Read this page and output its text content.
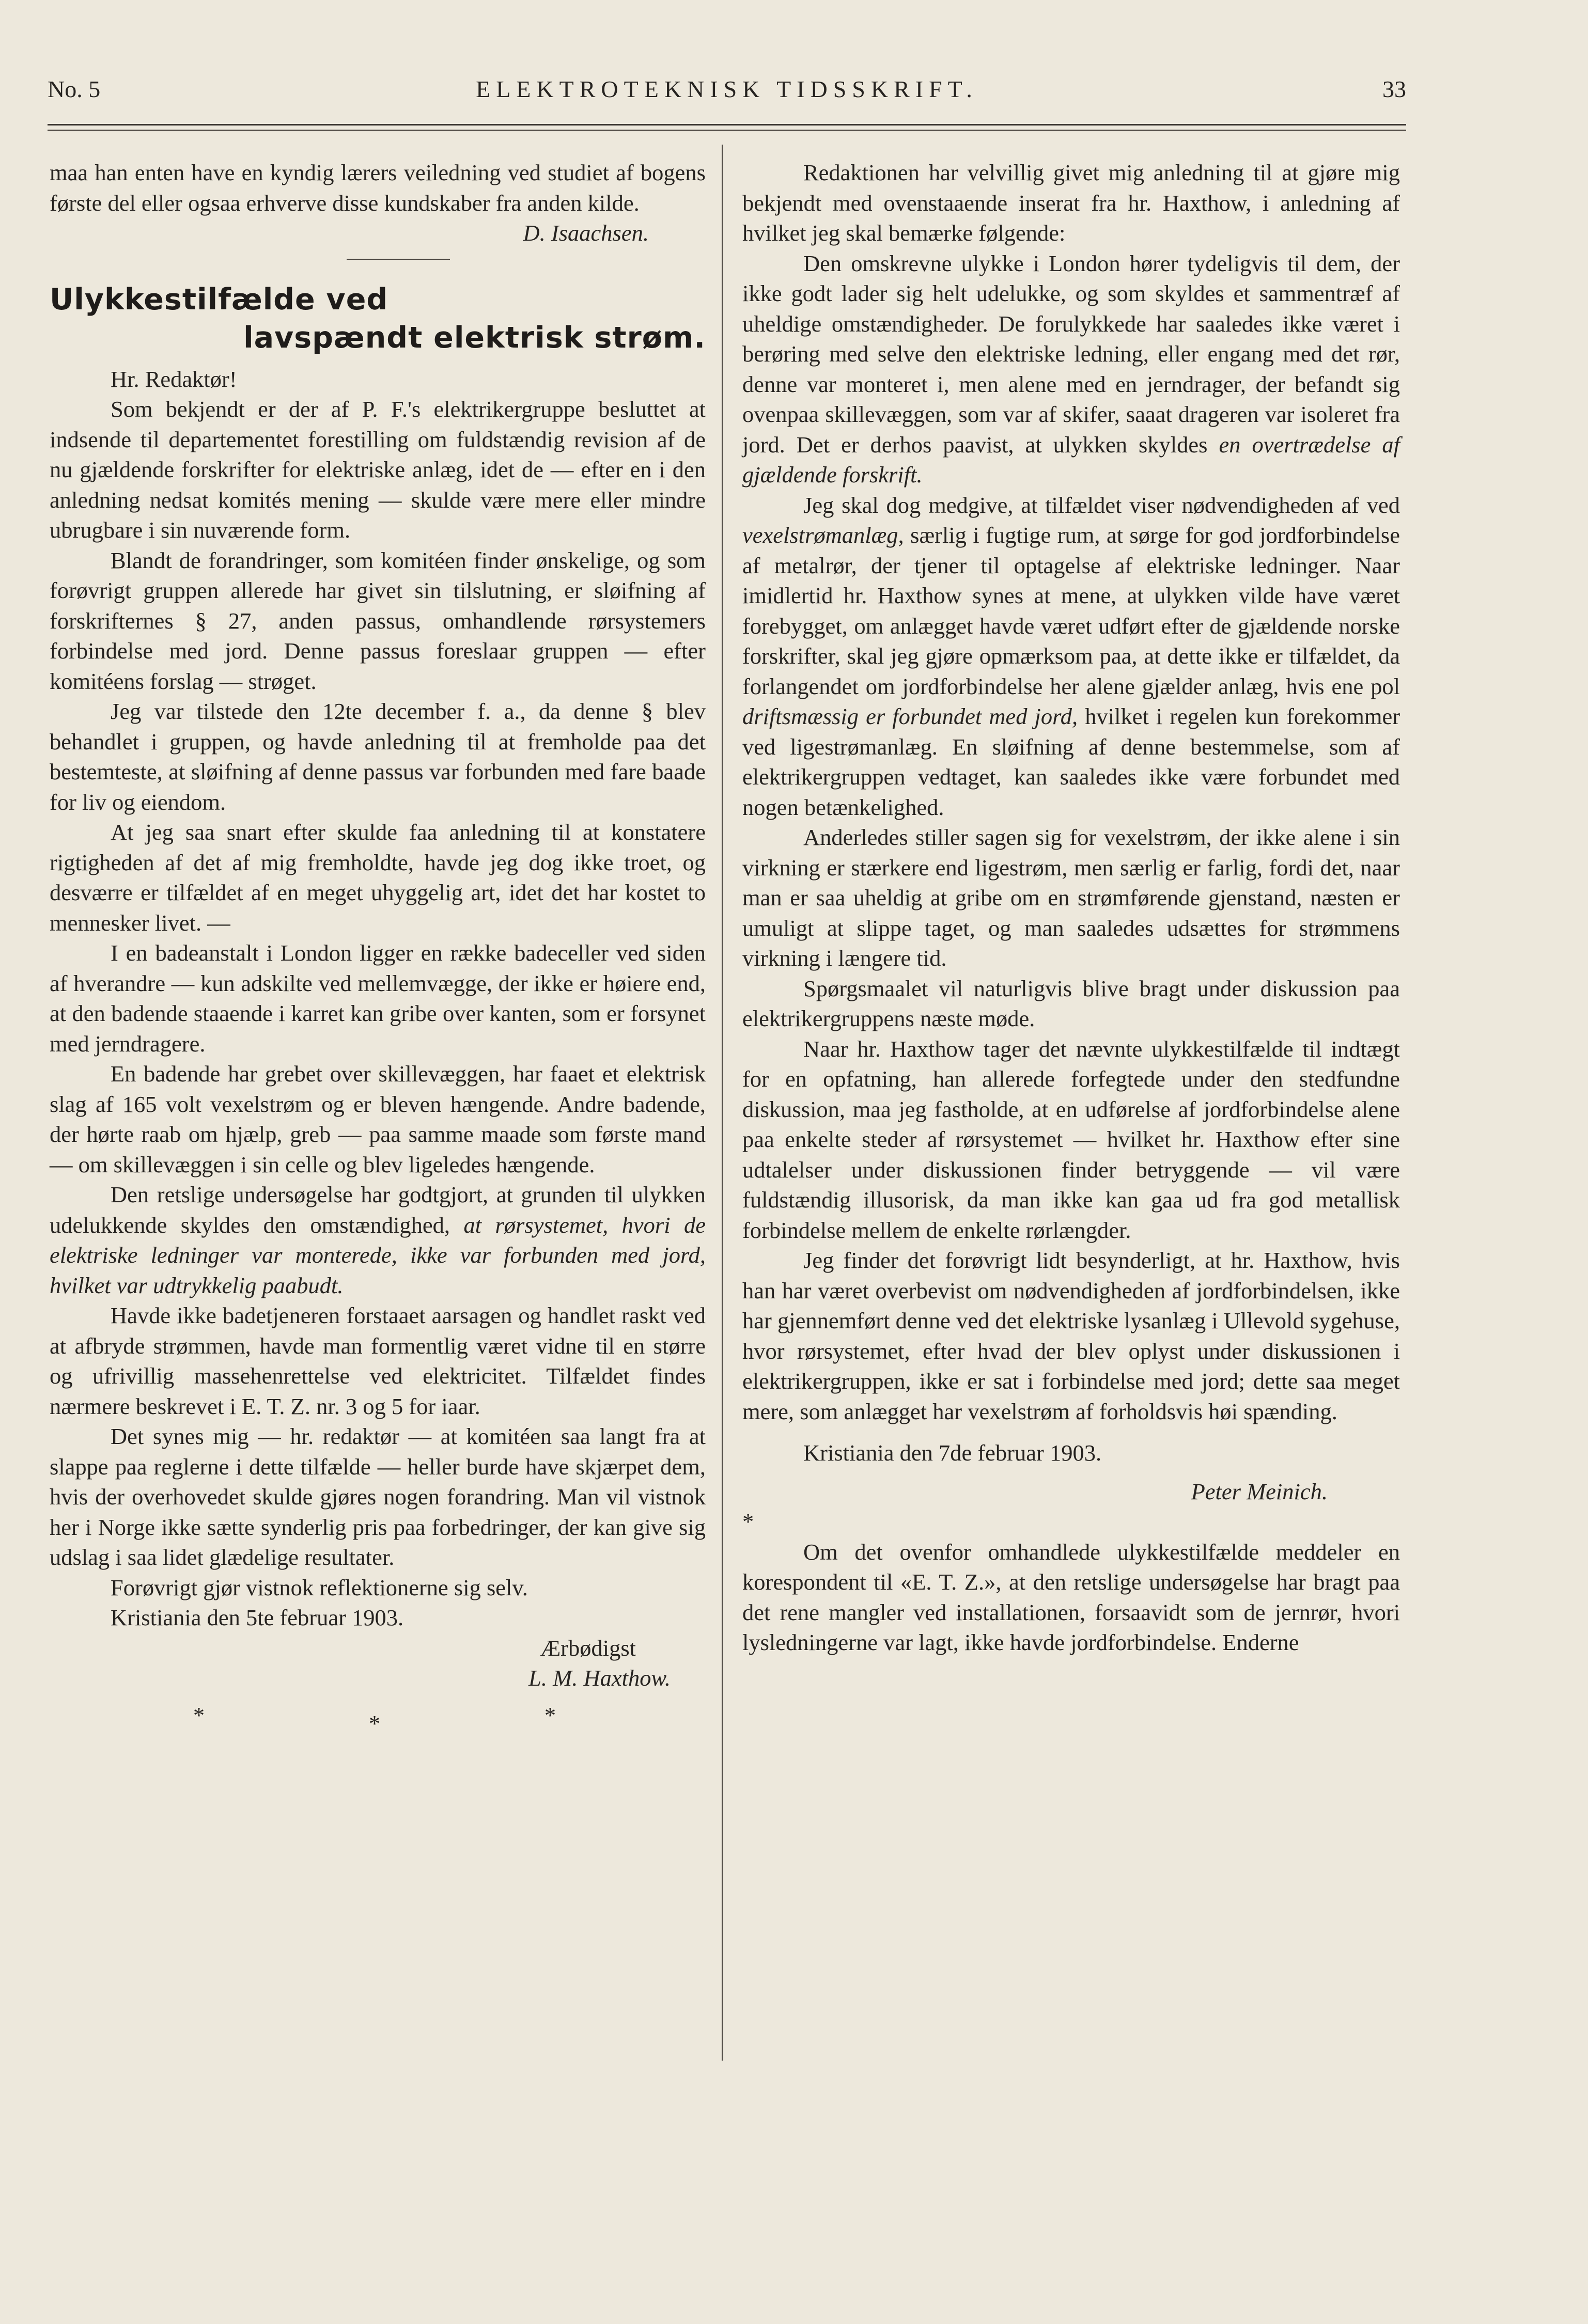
No. 5	ELEKTROTEKNISK TIDSSKRIFT.	33

maa han enten have en kyndig lærers veiledning ved studiet af bogens første del eller ogsaa erhverve disse kundskaber fra anden kilde.

D. Isaachsen.

Ulykkestilfælde ved
lavspændt elektrisk strøm.

Hr. Redaktør!

Som bekjendt er der af P. F.'s elektrikergruppe besluttet at indsende til departementet forestilling om fuldstændig revision af de nu gjældende forskrifter for elektriske anlæg, idet de — efter en i den anledning nedsat komités mening — skulde være mere eller mindre ubrugbare i sin nuværende form.

Blandt de forandringer, som komitéen finder ønskelige, og som forøvrigt gruppen allerede har givet sin tilslutning, er sløifning af forskrifternes § 27, anden passus, omhandlende rørsystemers forbindelse med jord. Denne passus foreslaar gruppen — efter komitéens forslag — strøget.

Jeg var tilstede den 12te december f. a., da denne § blev behandlet i gruppen, og havde anledning til at fremholde paa det bestemteste, at sløifning af denne passus var forbunden med fare baade for liv og eiendom.

At jeg saa snart efter skulde faa anledning til at konstatere rigtigheden af det af mig fremholdte, havde jeg dog ikke troet, og desværre er tilfældet af en meget uhyggelig art, idet det har kostet to mennesker livet. —

I en badeanstalt i London ligger en række badeceller ved siden af hverandre — kun adskilte ved mellemvægge, der ikke er høiere end, at den badende staaende i karret kan gribe over kanten, som er forsynet med jerndragere.

En badende har grebet over skillevæggen, har faaet et elektrisk slag af 165 volt vexelstrøm og er bleven hængende. Andre badende, der hørte raab om hjælp, greb — paa samme maade som første mand — om skillevæggen i sin celle og blev ligeledes hængende.

Den retslige undersøgelse har godtgjort, at grunden til ulykken udelukkende skyldes den omstændighed, at rørsystemet, hvori de elektriske ledninger var monterede, ikke var forbunden med jord, hvilket var udtrykkelig paabudt.

Havde ikke badetjeneren forstaaet aarsagen og handlet raskt ved at afbryde strømmen, havde man formentlig været vidne til en større og ufrivillig massehenrettelse ved elektricitet. Tilfældet findes nærmere beskrevet i E. T. Z. nr. 3 og 5 for iaar.

Det synes mig — hr. redaktør — at komitéen saa langt fra at slappe paa reglerne i dette tilfælde — heller burde have skjærpet dem, hvis der overhovedet skulde gjøres nogen forandring. Man vil vistnok her i Norge ikke sætte synderlig pris paa forbedringer, der kan give sig udslag i saa lidet glædelige resultater.

Forøvrigt gjør vistnok reflektionerne sig selv.

Kristiania den 5te februar 1903.

Ærbødigst

L. M. Haxthow.

*	*	*

Redaktionen har velvillig givet mig anledning til at gjøre mig bekjendt med ovenstaaende inserat fra hr. Haxthow, i anledning af hvilket jeg skal bemærke følgende:

Den omskrevne ulykke i London hører tydeligvis til dem, der ikke godt lader sig helt udelukke, og som skyldes et sammentræf af uheldige omstændigheder. De forulykkede har saaledes ikke været i berøring med selve den elektriske ledning, eller engang med det rør, denne var monteret i, men alene med en jerndrager, der befandt sig ovenpaa skillevæggen, som var af skifer, saaat drageren var isoleret fra jord. Det er derhos paavist, at ulykken skyldes en overtrædelse af gjældende forskrift.

Jeg skal dog medgive, at tilfældet viser nødvendigheden af ved vexelstrømanlæg, særlig i fugtige rum, at sørge for god jordforbindelse af metalrør, der tjener til optagelse af elektriske ledninger. Naar imidlertid hr. Haxthow synes at mene, at ulykken vilde have været forebygget, om anlægget havde været udført efter de gjældende norske forskrifter, skal jeg gjøre opmærksom paa, at dette ikke er tilfældet, da forlangendet om jordforbindelse her alene gjælder anlæg, hvis ene pol driftsmæssig er forbundet med jord, hvilket i regelen kun forekommer ved ligestrømanlæg. En sløifning af denne bestemmelse, som af elektrikergruppen vedtaget, kan saaledes ikke være forbundet med nogen betænkelighed.

Anderledes stiller sagen sig for vexelstrøm, der ikke alene i sin virkning er stærkere end ligestrøm, men særlig er farlig, fordi det, naar man er saa uheldig at gribe om en strømførende gjenstand, næsten er umuligt at slippe taget, og man saaledes udsættes for strømmens virkning i længere tid.

Spørgsmaalet vil naturligvis blive bragt under diskussion paa elektrikergruppens næste møde.

Naar hr. Haxthow tager det nævnte ulykkestilfælde til indtægt for en opfatning, han allerede forfegtede under den stedfundne diskussion, maa jeg fastholde, at en udførelse af jordforbindelse alene paa enkelte steder af rørsystemet — hvilket hr. Haxthow efter sine udtalelser under diskussionen finder betryggende — vil være fuldstændig illusorisk, da man ikke kan gaa ud fra god metallisk forbindelse mellem de enkelte rørlængder.

Jeg finder det forøvrigt lidt besynderligt, at hr. Haxthow, hvis han har været overbevist om nødvendigheden af jordforbindelsen, ikke har gjennemført denne ved det elektriske lysanlæg i Ullevold sygehuse, hvor rørsystemet, efter hvad der blev oplyst under diskussionen i elektrikergruppen, ikke er sat i forbindelse med jord; dette saa meget mere, som anlægget har vexelstrøm af forholdsvis høi spænding.

Kristiania den 7de februar 1903.

Peter Meinich.

*

Om det ovenfor omhandlede ulykkestilfælde meddeler en korespondent til «E. T. Z.», at den retslige undersøgelse har bragt paa det rene mangler ved installationen, forsaavidt som de jernrør, hvori lysledningerne var lagt, ikke havde jordforbindelse. Enderne
